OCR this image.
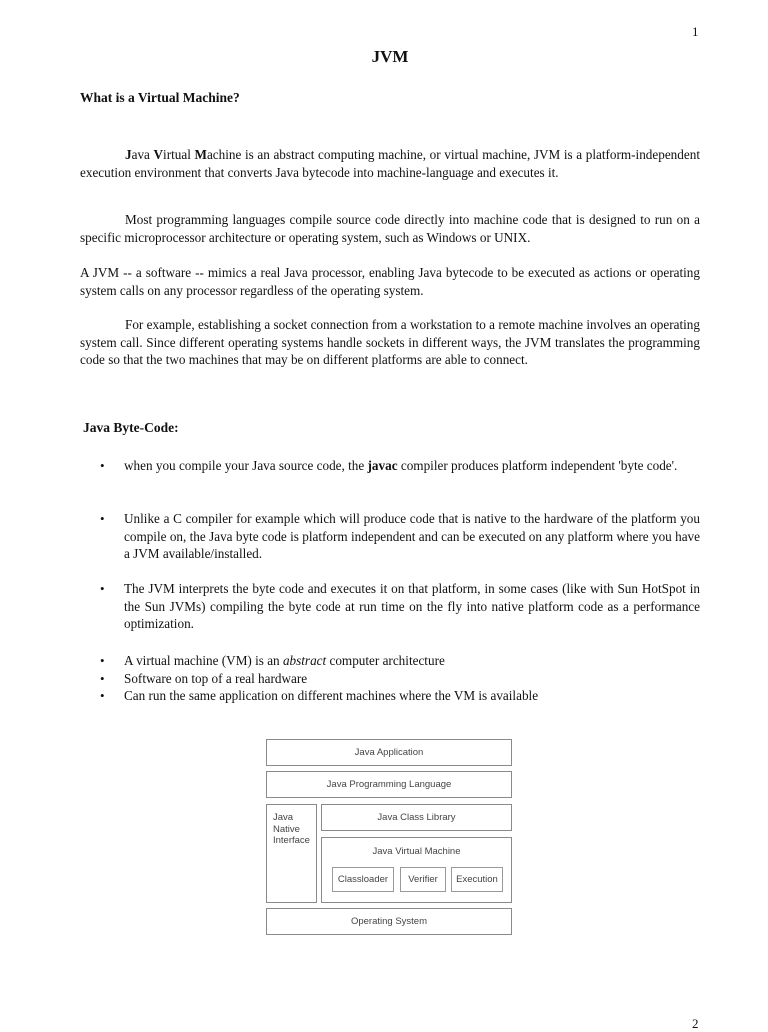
1
JVM
What is a Virtual Machine?

Java Virtual Machine is an abstract computing machine, or virtual machine, JVM is a platform-independent execution environment that converts Java bytecode into machine-language and executes it.

Most programming languages compile source code directly into machine code that is designed to run on a specific microprocessor architecture or operating system, such as Windows or UNIX.

A JVM -- a software -- mimics a real Java processor, enabling Java bytecode to be executed as actions or operating system calls on any processor regardless of the operating system.

For example, establishing a socket connection from a workstation to a remote machine involves an operating system call. Since different operating systems handle sockets in different ways, the JVM translates the programming code so that the two machines that may be on different platforms are able to connect.

Java Byte-Code:
• when you compile your Java source code, the javac compiler produces platform independent 'byte code'.
• Unlike a C compiler for example which will produce code that is native to the hardware of the platform you compile on, the Java byte code is platform independent and can be executed on any platform where you have a JVM available/installed.
• The JVM interprets the byte code and executes it on that platform, in some cases (like with Sun HotSpot in the Sun JVMs) compiling the byte code at run time on the fly into native platform code as a performance optimization.
• A virtual machine (VM) is an abstract computer architecture
• Software on top of a real hardware
• Can run the same application on different machines where the VM is available
Java Application
Java Programming Language
Java
Native
Interface
Java Class Library
Java Virtual Machine
Classloader Verifier Execution
Operating System
2
